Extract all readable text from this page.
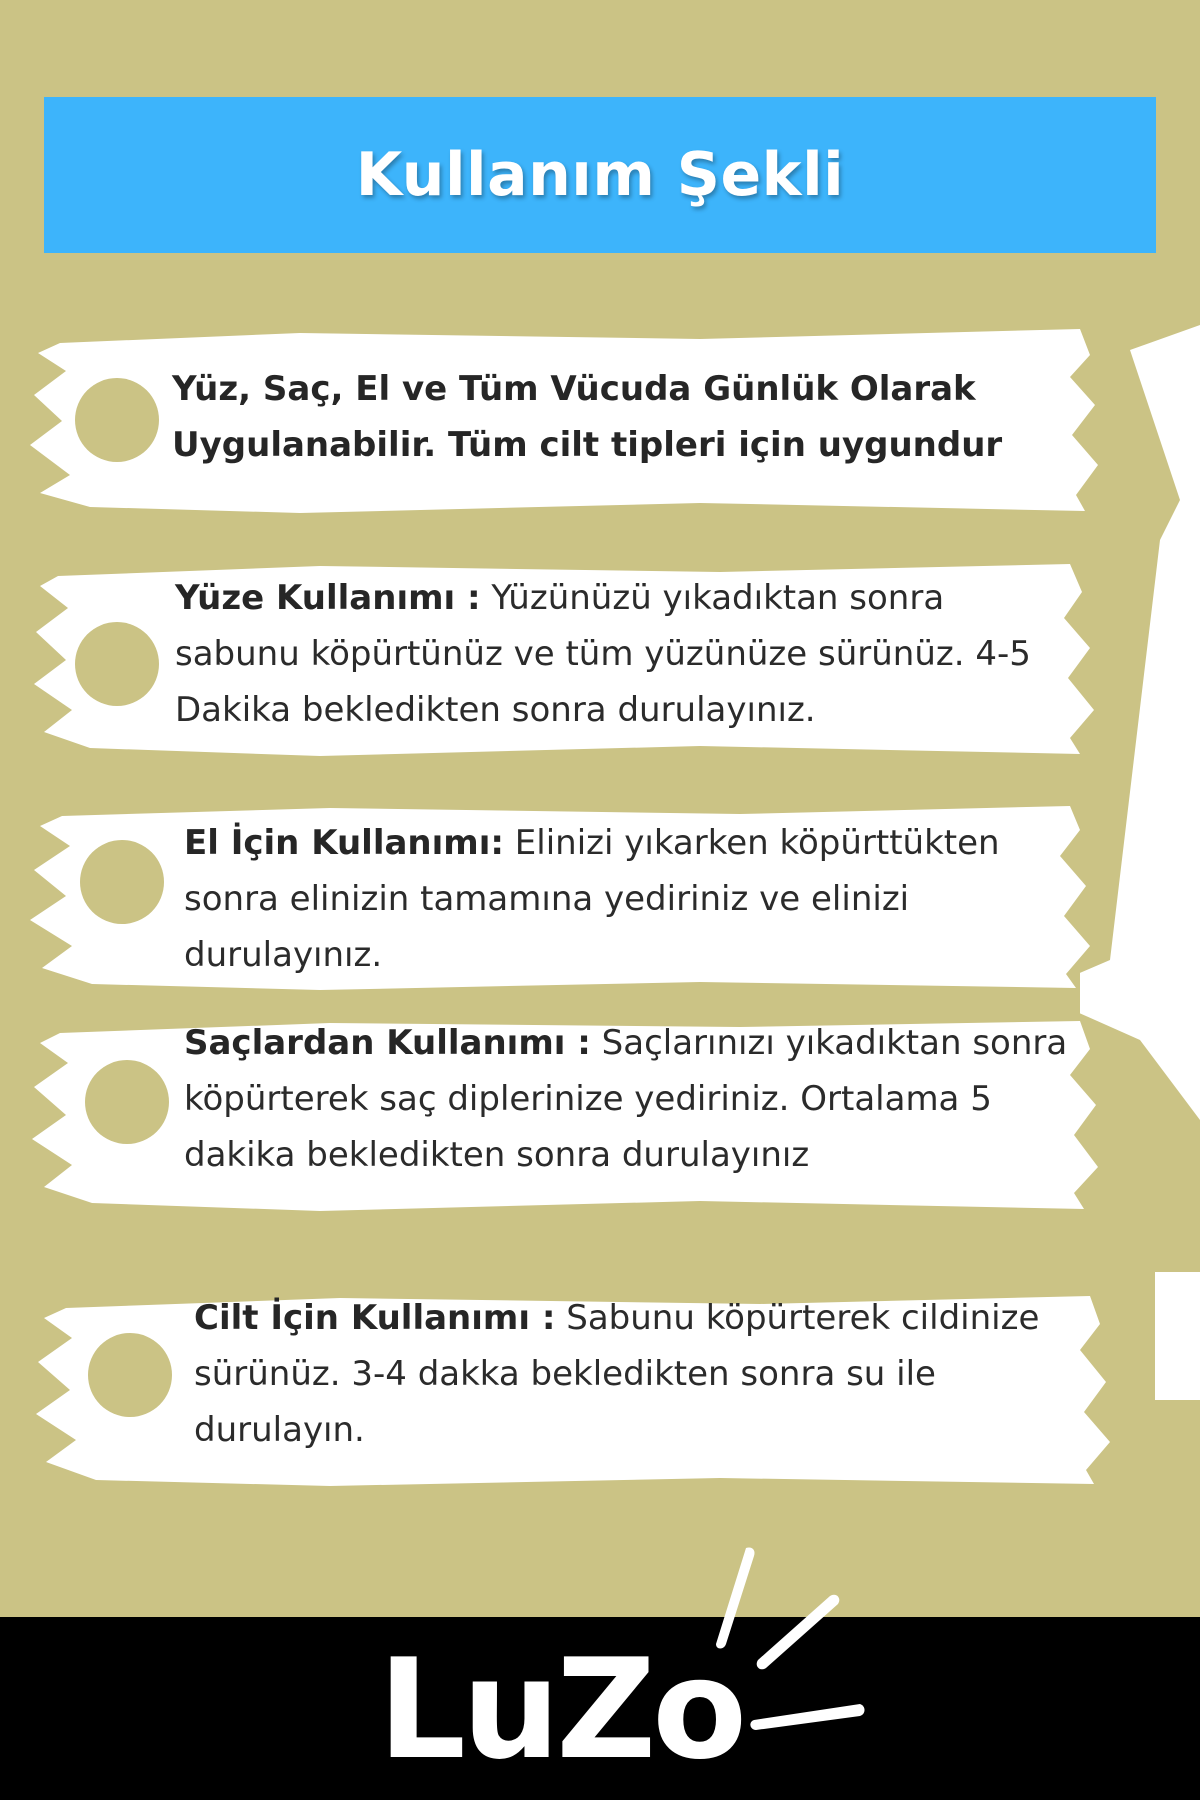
Kullanım Şekli
Yüz, Saç, El ve Tüm Vücuda Günlük Olarak Uygulanabilir. Tüm cilt tipleri için uygundur
Yüze Kullanımı : Yüzünüzü yıkadıktan sonra sabunu köpürtünüz ve tüm yüzünüze sürünüz. 4-5 Dakika bekledikten sonra durulayınız.
El İçin Kullanımı: Elinizi yıkarken köpürttükten sonra elinizin tamamına yediriniz ve elinizi durulayınız.
Saçlardan Kullanımı : Saçlarınızı yıkadıktan sonra köpürterek saç diplerinize yediriniz. Ortalama 5 dakika bekledikten sonra durulayınız
Cilt İçin Kullanımı : Sabunu köpürterek cildinize sürünüz. 3-4 dakka bekledikten sonra su ile durulayın.
LuZo
